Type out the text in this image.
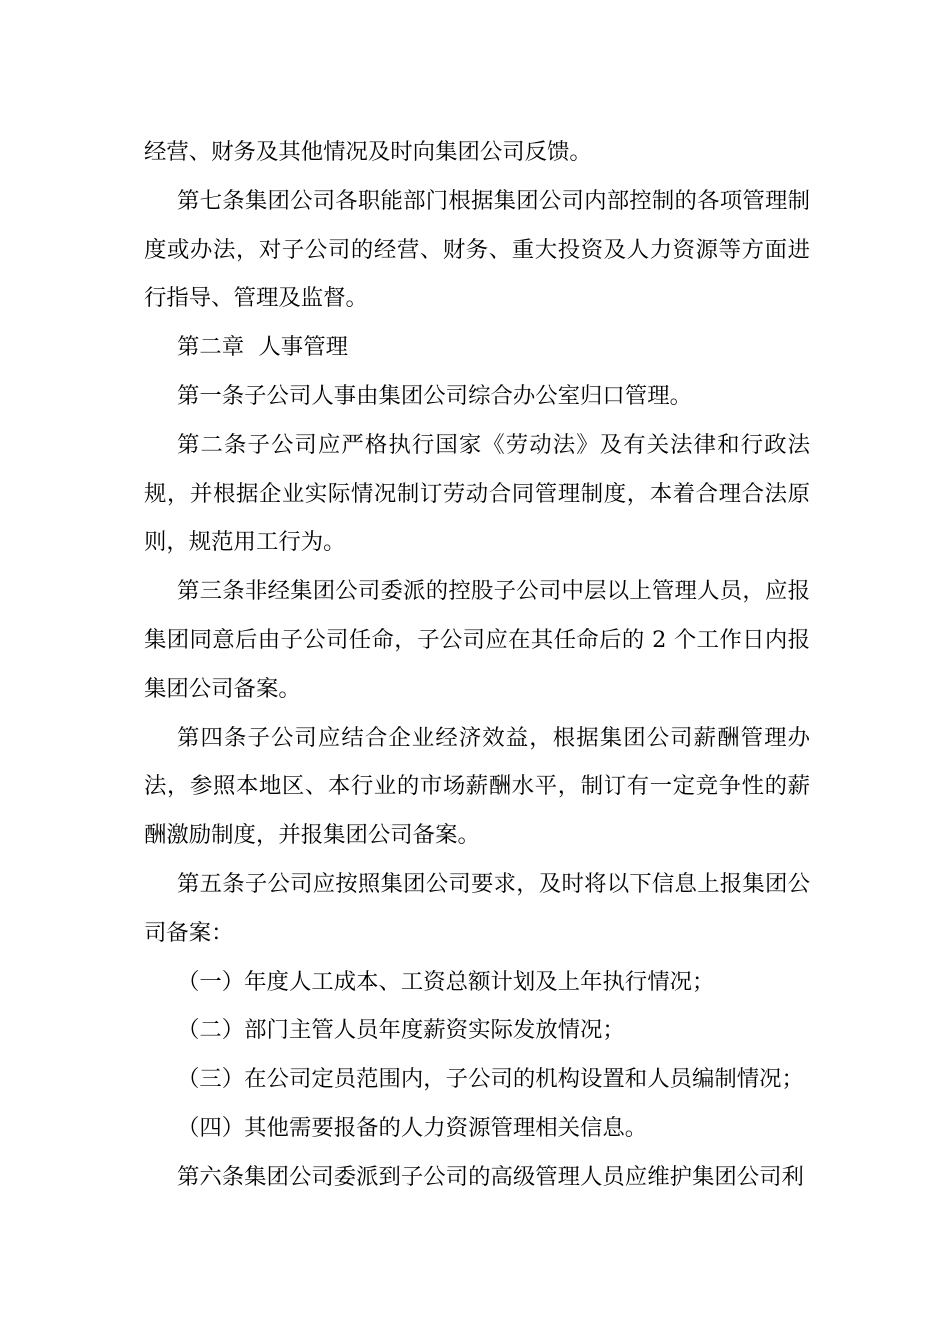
经营、财务及其他情况及时向集团公司反馈。

第七条集团公司各职能部门根据集团公司内部控制的各项管理制度或办法，对子公司的经营、财务、重大投资及人力资源等方面进行指导、管理及监督。

第二章  人事管理

第一条子公司人事由集团公司综合办公室归口管理。

第二条子公司应严格执行国家《劳动法》及有关法律和行政法规，并根据企业实际情况制订劳动合同管理制度，本着合理合法原则，规范用工行为。

第三条非经集团公司委派的控股子公司中层以上管理人员，应报集团同意后由子公司任命，子公司应在其任命后的 2 个工作日内报集团公司备案。

第四条子公司应结合企业经济效益，根据集团公司薪酬管理办法，参照本地区、本行业的市场薪酬水平，制订有一定竞争性的薪酬激励制度，并报集团公司备案。

第五条子公司应按照集团公司要求，及时将以下信息上报集团公司备案：

（一）年度人工成本、工资总额计划及上年执行情况；

（二）部门主管人员年度薪资实际发放情况；

（三）在公司定员范围内，子公司的机构设置和人员编制情况；

（四）其他需要报备的人力资源管理相关信息。

第六条集团公司委派到子公司的高级管理人员应维护集团公司利
